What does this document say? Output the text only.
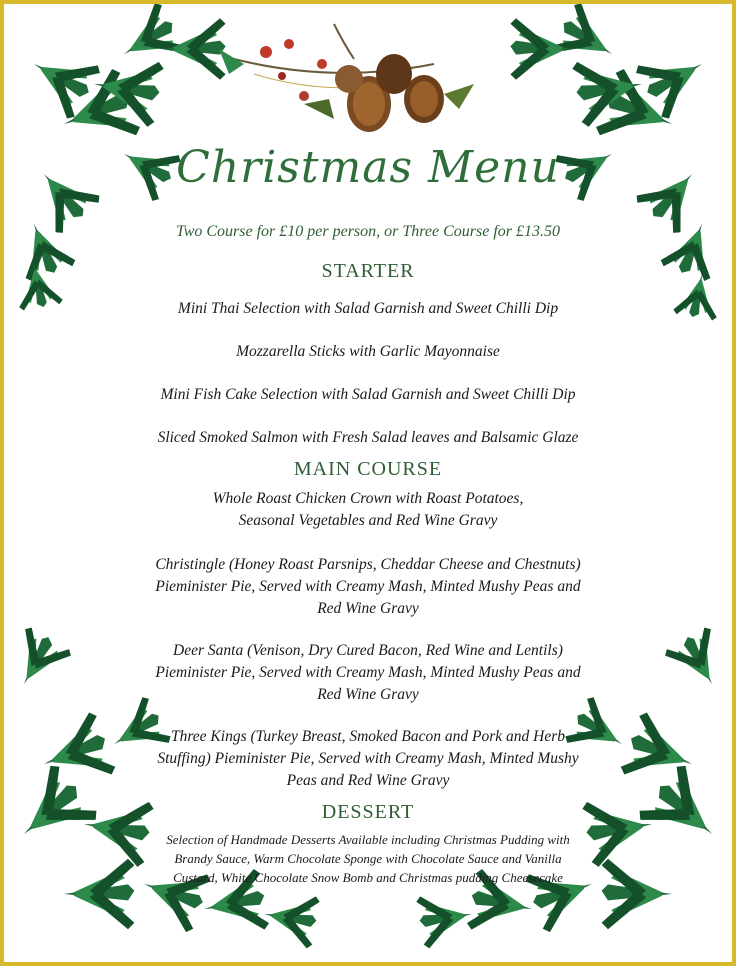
Christmas Menu
Two Course for £10 per person, or Three Course for £13.50
STARTER
Mini Thai Selection with Salad Garnish and Sweet Chilli Dip
Mozzarella Sticks with Garlic Mayonnaise
Mini Fish Cake Selection with Salad Garnish and Sweet Chilli Dip
Sliced Smoked Salmon with Fresh Salad leaves and Balsamic Glaze
MAIN COURSE
Whole Roast Chicken Crown with Roast Potatoes,
Seasonal Vegetables and Red Wine Gravy
Christingle (Honey Roast Parsnips, Cheddar Cheese and Chestnuts)
Pieminister Pie, Served with Creamy Mash, Minted Mushy Peas and
Red Wine Gravy
Deer Santa (Venison, Dry Cured Bacon, Red Wine and Lentils)
Pieminister Pie, Served with Creamy Mash, Minted Mushy Peas and
Red Wine Gravy
Three Kings (Turkey Breast, Smoked Bacon and Pork and Herb
Stuffing) Pieminister Pie, Served with Creamy Mash, Minted Mushy
Peas and Red Wine Gravy
DESSERT
Selection of Handmade Desserts Available including Christmas Pudding with
Brandy Sauce, Warm Chocolate Sponge with Chocolate Sauce and Vanilla
Custard, White Chocolate Snow Bomb and Christmas pudding Cheesecake
